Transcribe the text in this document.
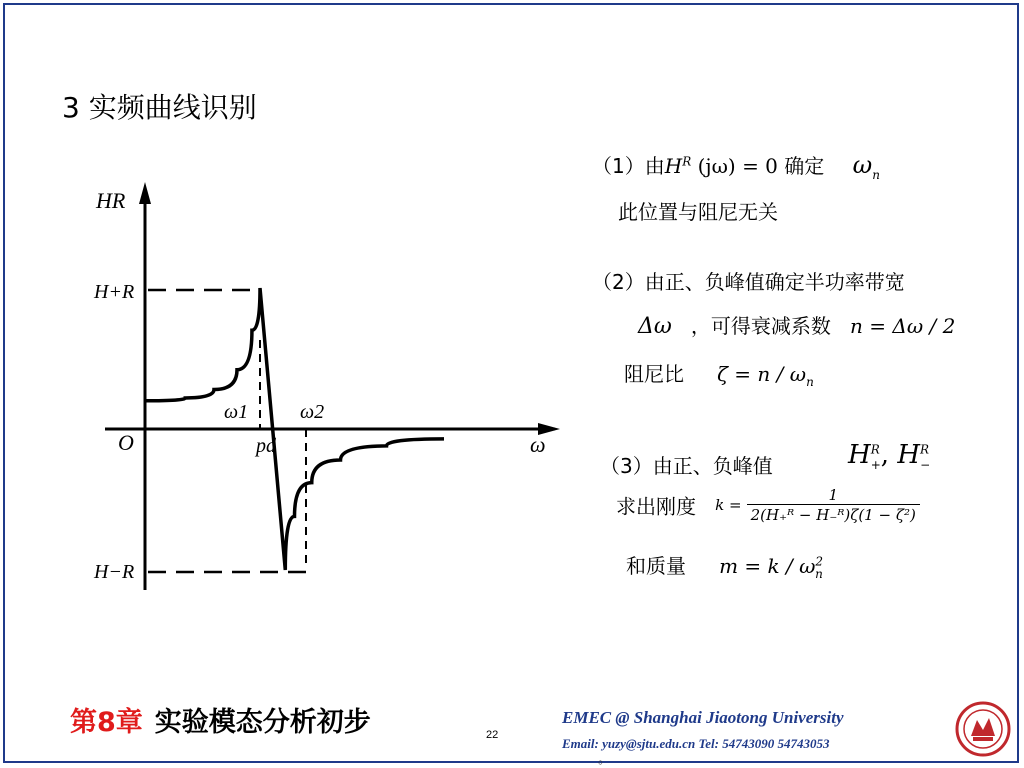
3 实频曲线识别
HR
ω
O
H+R
H−R
ω1	ω2
pd
（1）由$H^R$ (jω) = 0 确定 $\omega_n$
此位置与阻尼无关
（2）由正、负峰值确定半功率带宽
Δω ，可得衰减系数 n = Δω / 2
阻尼比 $\zeta = n / \omega_n$
（3）由正、负峰值	$H^R_+$, $H^R_-$
求出刚度 $k = \frac{1}{\text{2(H₊ᴿ − H₋ᴿ)ζ(1 − ζ²)}}$
和质量 $m = k / \omega^2_n$
第8章 实验模态分析初步	22
EMEC @ Shanghai Jiaotong University
Email: yuzy@sjtu.edu.cn Tel: 54743090 54743053
。
